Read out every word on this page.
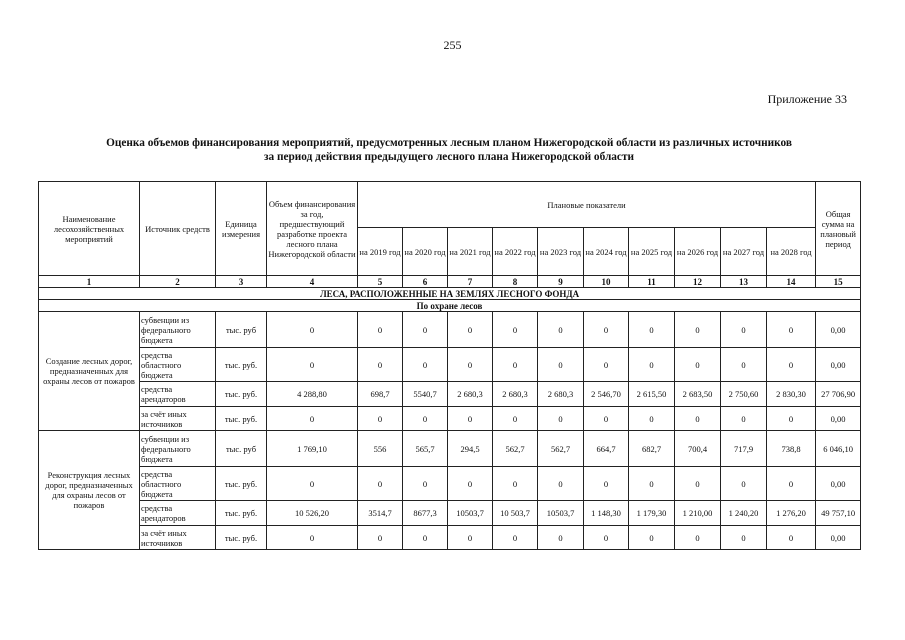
255
Приложение 33
Оценка объемов финансирования мероприятий, предусмотренных лесным планом Нижегородской области из различных источников
за период действия предыдущего лесного плана Нижегородской области
Наименование лесохозяйственных мероприятий	Источник средств	Единица измерения	Объем финансирования за год, предшествующий разработке проекта лесного плана Нижегородской области	Плановые показатели										Общая сумма на плановый период
				на 2019 год	на 2020 год	на 2021 год	на 2022 год	на 2023 год	на 2024 год	на 2025 год	на 2026 год	на 2027 год	на 2028 год	
1	2	3	4	5	6	7	8	9	10	11	12	13	14	15
ЛЕСА, РАСПОЛОЖЕННЫЕ НА ЗЕМЛЯХ ЛЕСНОГО ФОНДА														
По охране лесов														
Создание лесных дорог, предназначенных для охраны лесов от пожаров	субвенции из федерального бюджета	тыс. руб	0	0	0	0	0	0	0	0	0	0	0	0,00
	средства областного бюджета	тыс. руб.	0	0	0	0	0	0	0	0	0	0	0	0,00
	средства арендаторов	тыс. руб.	4 288,80	698,7	5540,7	2 680,3	2 680,3	2 680,3	2 546,70	2 615,50	2 683,50	2 750,60	2 830,30	27 706,90
	за счёт иных источников	тыс. руб.	0	0	0	0	0	0	0	0	0	0	0	0,00
Реконструкция лесных дорог, предназначенных для охраны лесов от пожаров	субвенции из федерального бюджета	тыс. руб	1 769,10	556	565,7	294,5	562,7	562,7	664,7	682,7	700,4	717,9	738,8	6 046,10
	средства областного бюджета	тыс. руб.	0	0	0	0	0	0	0	0	0	0	0	0,00
	средства арендаторов	тыс. руб.	10 526,20	3514,7	8677,3	10503,7	10 503,7	10503,7	1 148,30	1 179,30	1 210,00	1 240,20	1 276,20	49 757,10
	за счёт иных источников	тыс. руб.	0	0	0	0	0	0	0	0	0	0	0	0,00
